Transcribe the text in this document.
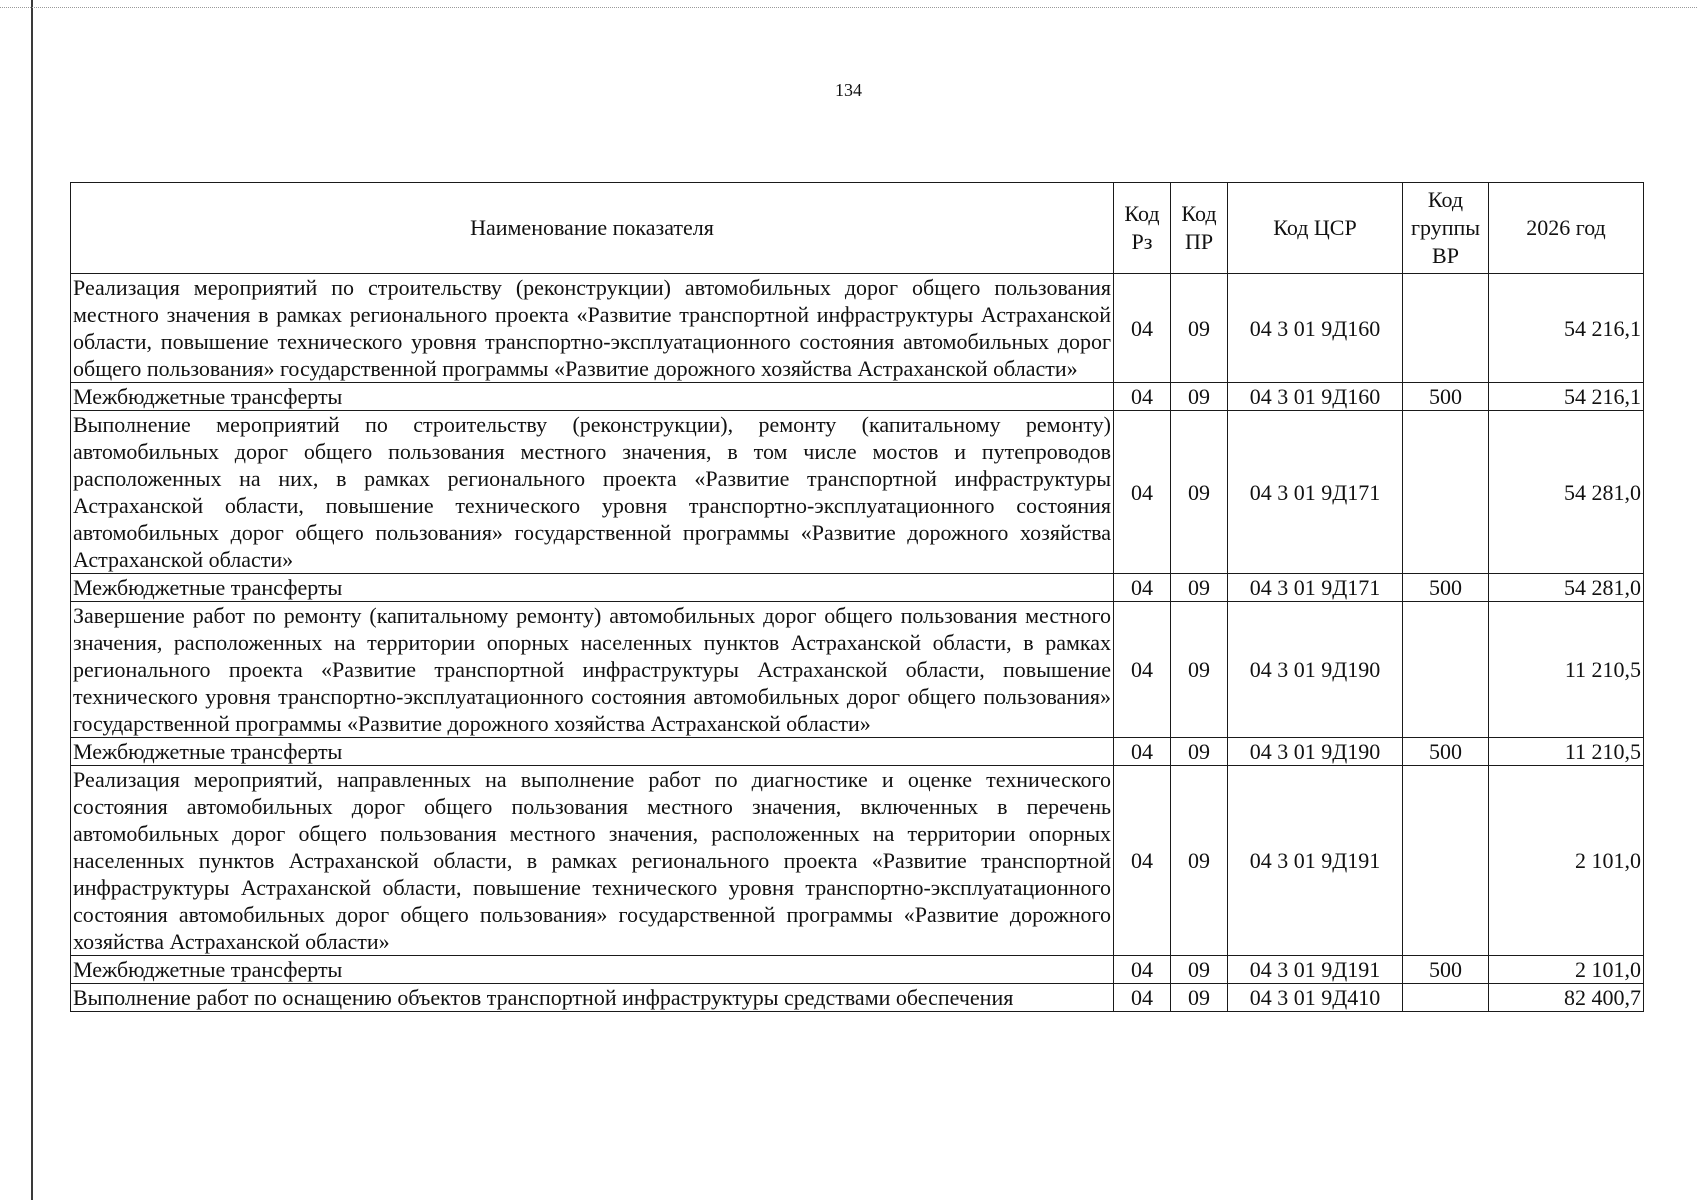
134
Наименование показателя	Код Рз	Код ПР	Код ЦСР	Код группы ВР	2026 год
Реализация мероприятий по строительству (реконструкции) автомобильных дорог общего пользования местного значения в рамках регионального проекта «Развитие транспортной инфраструктуры Астраханской области, повышение технического уровня транспортно-эксплуатационного состояния автомобильных дорог общего пользования» государственной программы «Развитие дорожного хозяйства Астраханской области»	04	09	04 3 01 9Д160		54 216,1
Межбюджетные трансферты	04	09	04 3 01 9Д160	500	54 216,1
Выполнение мероприятий по строительству (реконструкции), ремонту (капитальному ремонту) автомобильных дорог общего пользования местного значения, в том числе мостов и путепроводов расположенных на них, в рамках регионального проекта «Развитие транспортной инфраструктуры Астраханской области, повышение технического уровня транспортно-эксплуатационного состояния автомобильных дорог общего пользования» государственной программы «Развитие дорожного хозяйства Астраханской области»	04	09	04 3 01 9Д171		54 281,0
Межбюджетные трансферты	04	09	04 3 01 9Д171	500	54 281,0
Завершение работ по ремонту (капитальному ремонту) автомобильных дорог общего пользования местного значения, расположенных на территории опорных населенных пунктов Астраханской области, в рамках регионального проекта «Развитие транспортной инфраструктуры Астраханской области, повышение технического уровня транспортно-эксплуатационного состояния автомобильных дорог общего пользования» государственной программы «Развитие дорожного хозяйства Астраханской области»	04	09	04 3 01 9Д190		11 210,5
Межбюджетные трансферты	04	09	04 3 01 9Д190	500	11 210,5
Реализация мероприятий, направленных на выполнение работ по диагностике и оценке технического состояния автомобильных дорог общего пользования местного значения, включенных в перечень автомобильных дорог общего пользования местного значения, расположенных на территории опорных населенных пунктов Астраханской области, в рамках регионального проекта «Развитие транспортной инфраструктуры Астраханской области, повышение технического уровня транспортно-эксплуатационного состояния автомобильных дорог общего пользования» государственной программы «Развитие дорожного хозяйства Астраханской области»	04	09	04 3 01 9Д191		2 101,0
Межбюджетные трансферты	04	09	04 3 01 9Д191	500	2 101,0
Выполнение работ по оснащению объектов транспортной инфраструктуры средствами обеспечения	04	09	04 3 01 9Д410		82 400,7
